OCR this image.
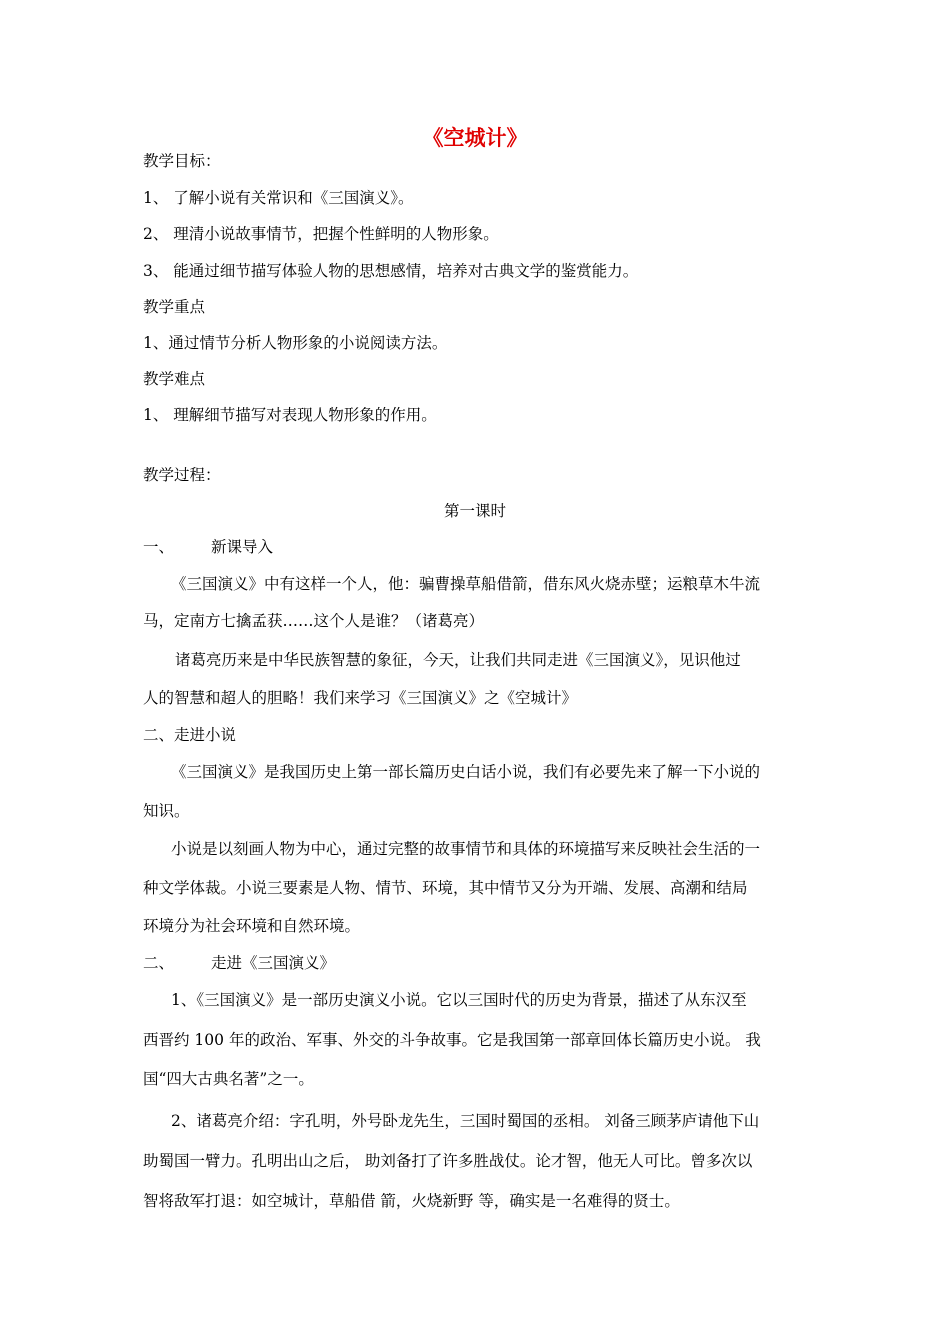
《空城计》
教学目标：
1、 了解小说有关常识和《三国演义》。
2、 理清小说故事情节，把握个性鲜明的人物形象。
3、 能通过细节描写体验人物的思想感情，培养对古典文学的鉴赏能力。
教学重点
1、通过情节分析人物形象的小说阅读方法。
教学难点
1、 理解细节描写对表现人物形象的作用。
教学过程：
第一课时
一、 新课导入
《三国演义》中有这样一个人，他：骗曹操草船借箭，借东风火烧赤壁；运粮草木牛流
马，定南方七擒孟获……这个人是谁？（诸葛亮）
诸葛亮历来是中华民族智慧的象征，今天，让我们共同走进《三国演义》，见识他过
人的智慧和超人的胆略！我们来学习《三国演义》之《空城计》
二、走进小说
《三国演义》是我国历史上第一部长篇历史白话小说，我们有必要先来了解一下小说的
知识。
小说是以刻画人物为中心，通过完整的故事情节和具体的环境描写来反映社会生活的一
种文学体裁。小说三要素是人物、情节、环境，其中情节又分为开端、发展、高潮和结局
环境分为社会环境和自然环境。
二、 走进《三国演义》
1、《三国演义》是一部历史演义小说。它以三国时代的历史为背景，描述了从东汉至
西晋约 100 年的政治、军事、外交的斗争故事。它是我国第一部章回体长篇历史小说。 我
国“四大古典名著”之一。
2、诸葛亮介绍：字孔明，外号卧龙先生，三国时蜀国的丞相。 刘备三顾茅庐请他下山
助蜀国一臂力。孔明出山之后， 助刘备打了许多胜战仗。论才智，他无人可比。曾多次以
智将敌军打退：如空城计，草船借 箭，火烧新野 等，确实是一名难得的贤士。
